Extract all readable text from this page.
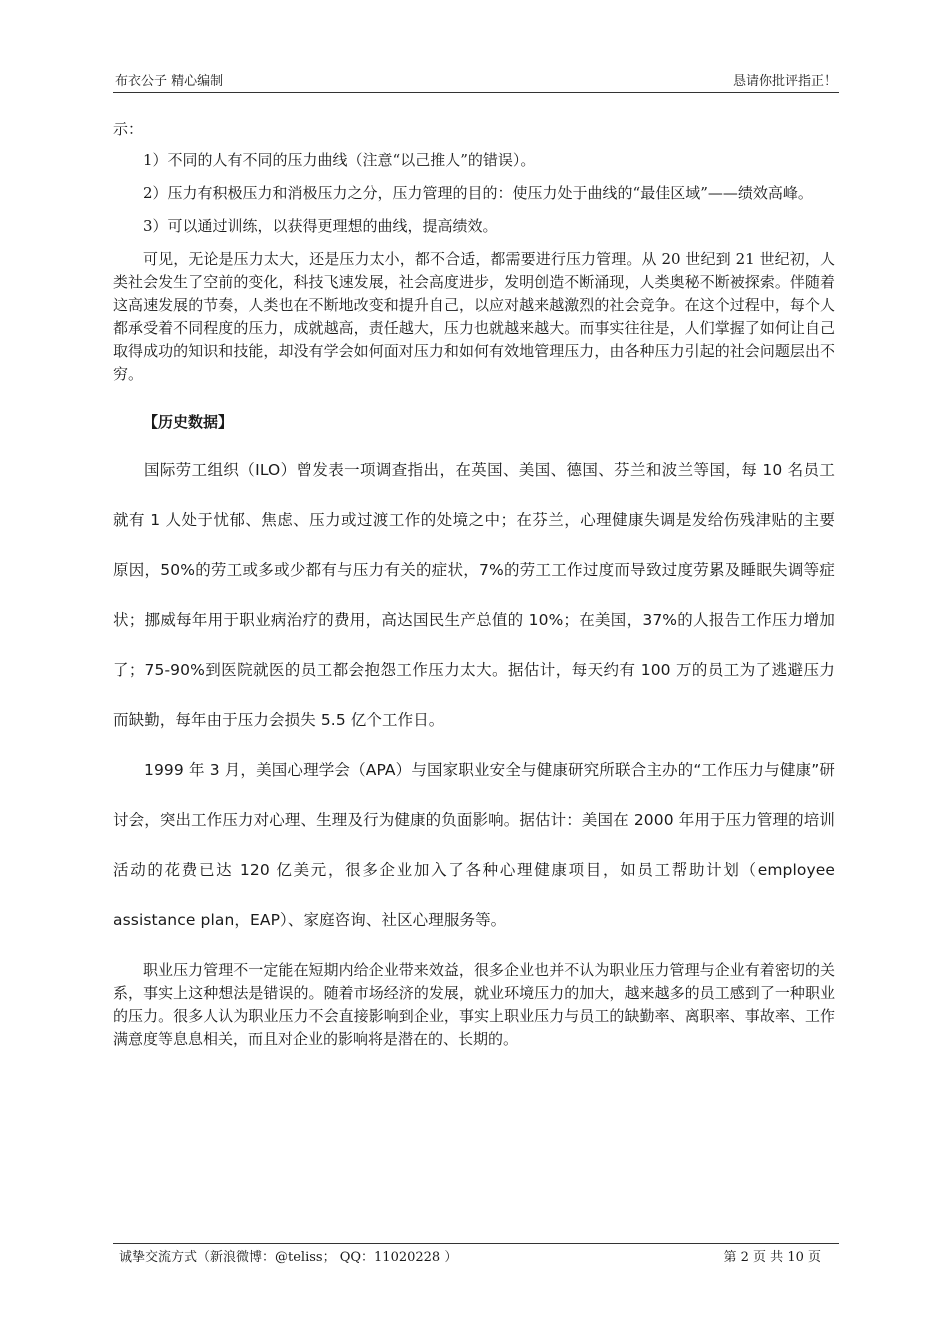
布衣公子 精心编制	恳请你批评指正！

示：

1）不同的人有不同的压力曲线（注意“以己推人”的错误）。

2）压力有积极压力和消极压力之分，压力管理的目的：使压力处于曲线的“最佳区域”——绩效高峰。

3）可以通过训练，以获得更理想的曲线，提高绩效。

可见，无论是压力太大，还是压力太小，都不合适，都需要进行压力管理。从 20 世纪到 21 世纪初，人类社会发生了空前的变化，科技飞速发展，社会高度进步，发明创造不断涌现，人类奥秘不断被探索。伴随着这高速发展的节奏，人类也在不断地改变和提升自己，以应对越来越激烈的社会竞争。在这个过程中，每个人都承受着不同程度的压力，成就越高，责任越大，压力也就越来越大。而事实往往是，人们掌握了如何让自己取得成功的知识和技能，却没有学会如何面对压力和如何有效地管理压力，由各种压力引起的社会问题层出不穷。

【历史数据】

国际劳工组织（ILO）曾发表一项调查指出，在英国、美国、德国、芬兰和波兰等国，每 10 名员工就有 1 人处于忧郁、焦虑、压力或过渡工作的处境之中；在芬兰，心理健康失调是发给伤残津贴的主要原因，50%的劳工或多或少都有与压力有关的症状，7%的劳工工作过度而导致过度劳累及睡眠失调等症状；挪威每年用于职业病治疗的费用，高达国民生产总值的 10%；在美国，37%的人报告工作压力增加了；75-90%到医院就医的员工都会抱怨工作压力太大。据估计，每天约有 100 万的员工为了逃避压力而缺勤，每年由于压力会损失 5.5 亿个工作日。

1999 年 3 月，美国心理学会（APA）与国家职业安全与健康研究所联合主办的“工作压力与健康”研讨会，突出工作压力对心理、生理及行为健康的负面影响。据估计：美国在 2000 年用于压力管理的培训活动的花费已达 120 亿美元，很多企业加入了各种心理健康项目，如员工帮助计划（employee assistance plan，EAP）、家庭咨询、社区心理服务等。

职业压力管理不一定能在短期内给企业带来效益，很多企业也并不认为职业压力管理与企业有着密切的关系，事实上这种想法是错误的。随着市场经济的发展，就业环境压力的加大，越来越多的员工感到了一种职业的压力。很多人认为职业压力不会直接影响到企业，事实上职业压力与员工的缺勤率、离职率、事故率、工作满意度等息息相关，而且对企业的影响将是潜在的、长期的。

诚挚交流方式（新浪微博：@teliss； QQ：11020228 ）	第 2 页 共 10 页
